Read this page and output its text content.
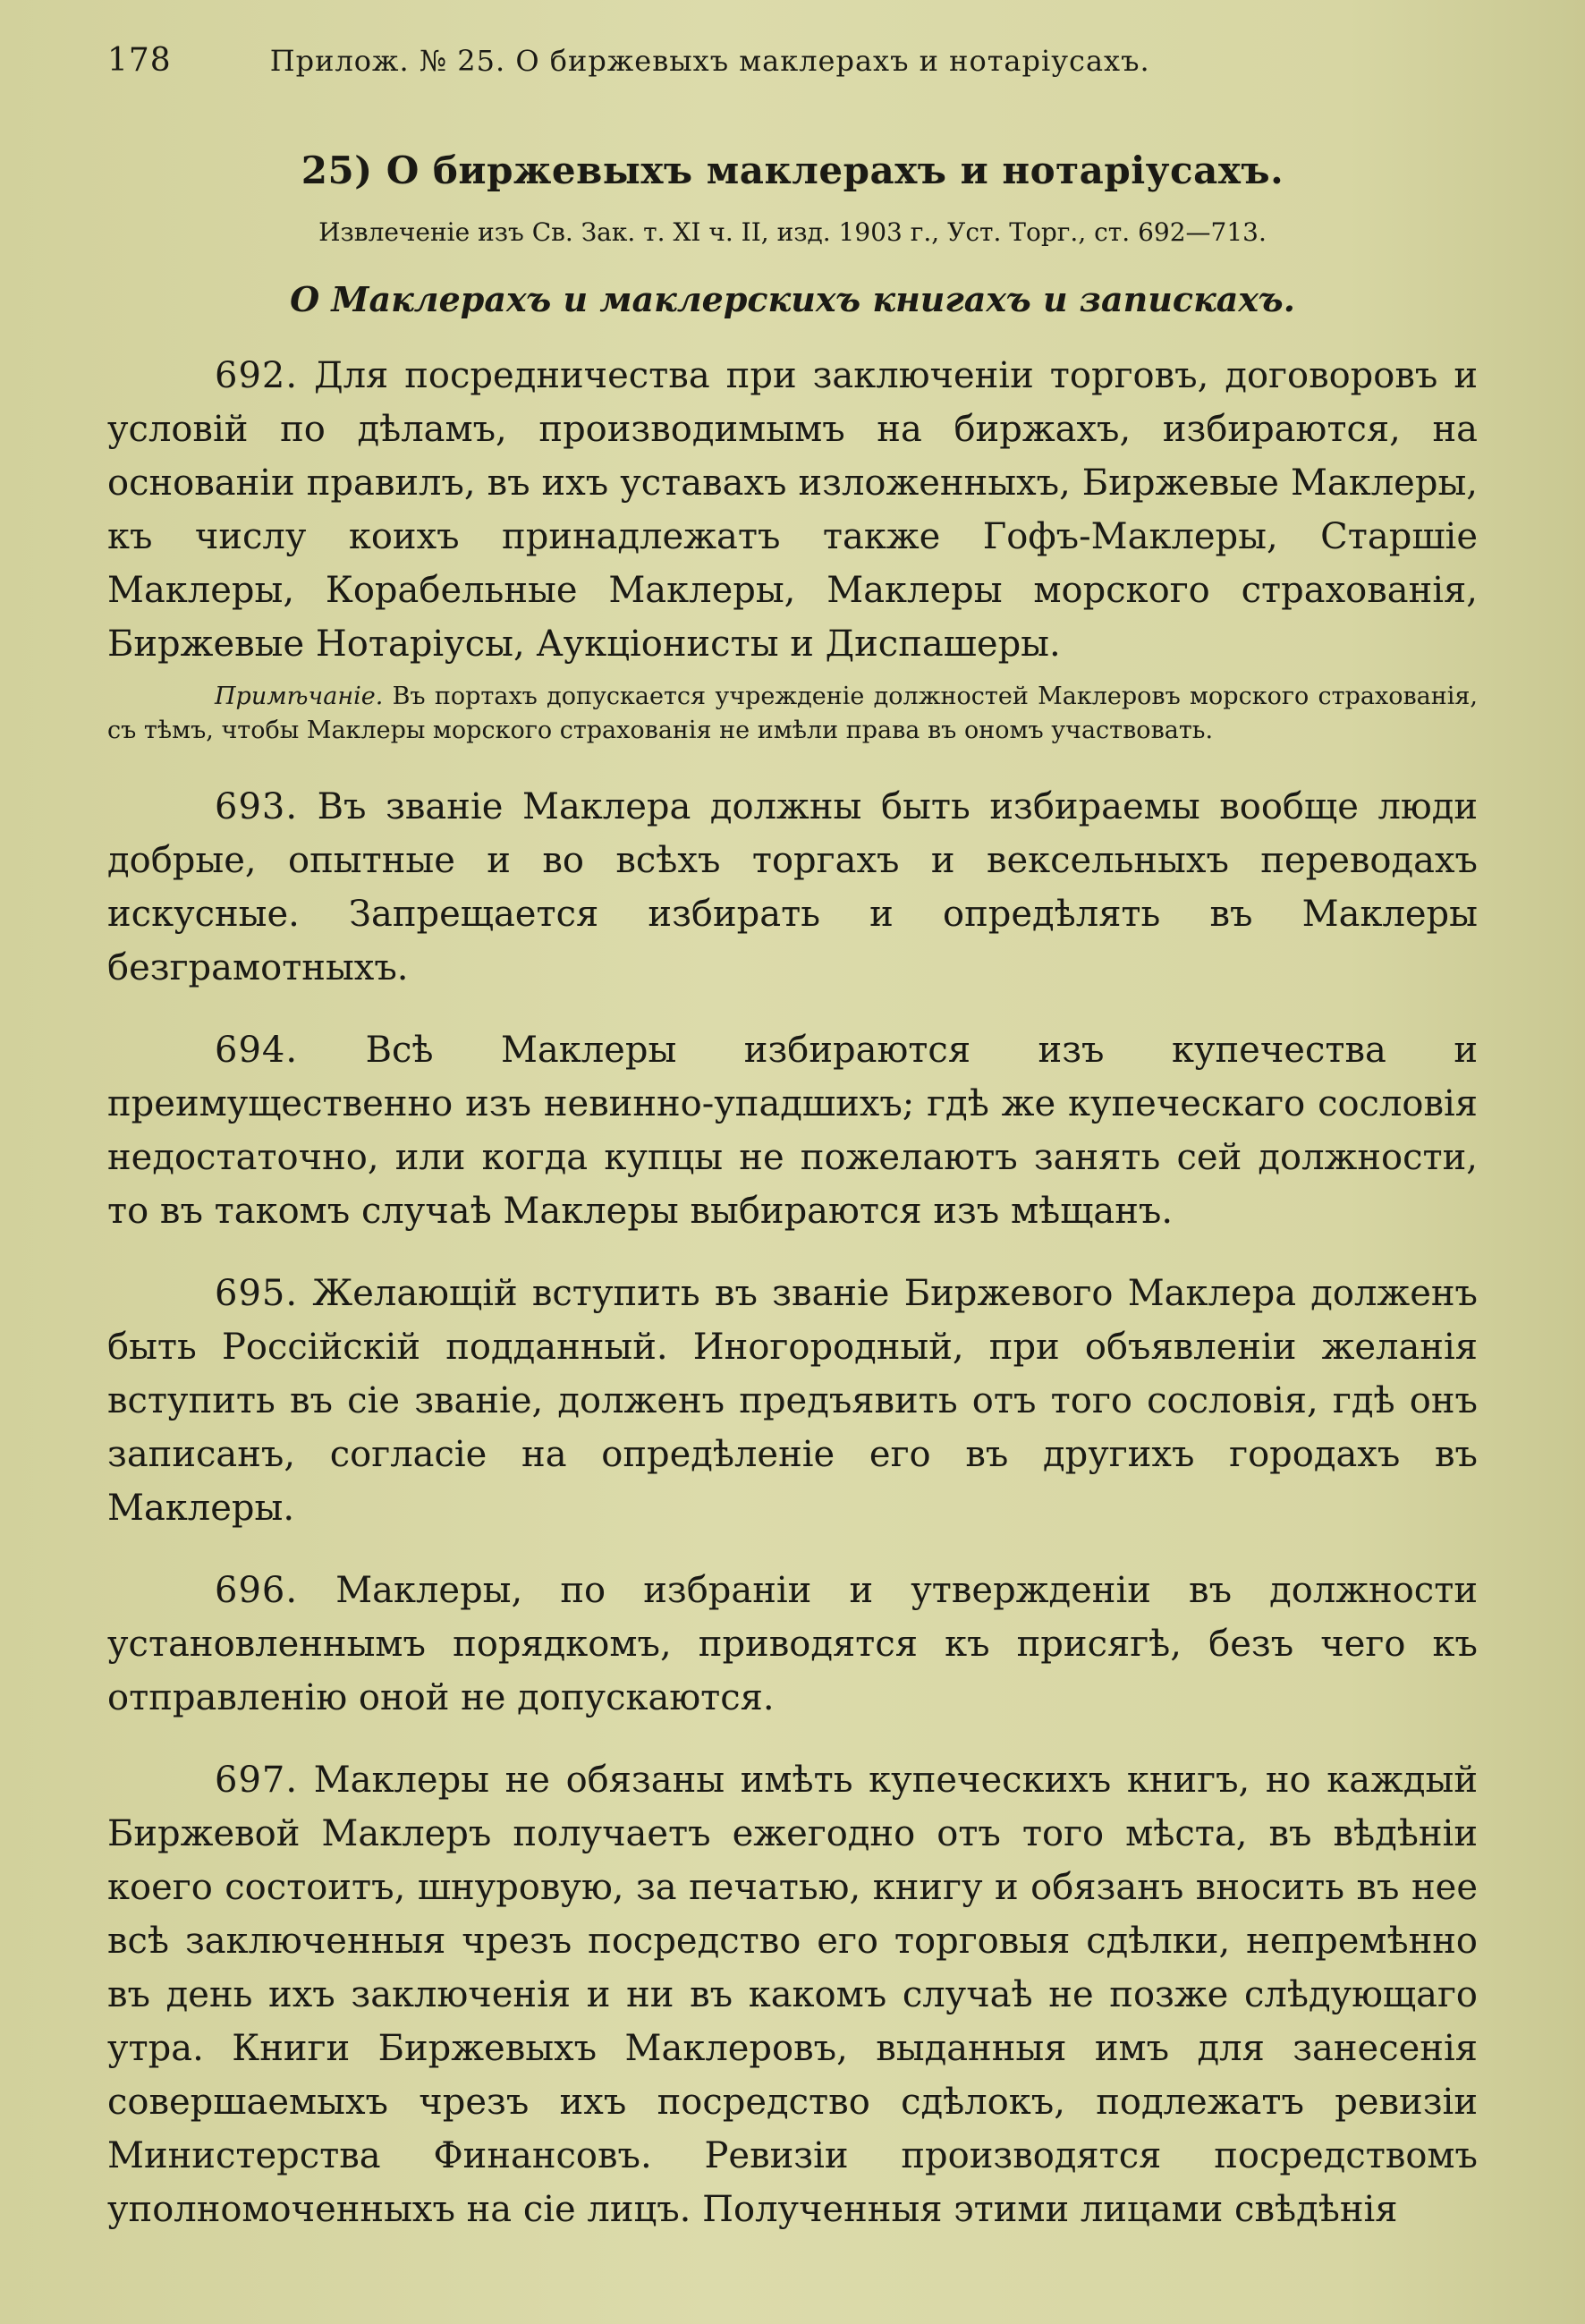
178	Прилож. № 25. О биржевыхъ маклерахъ и нотаріусахъ.
25) О биржевыхъ маклерахъ и нотаріусахъ.

Извлеченіе изъ Св. Зак. т. XI ч. II, изд. 1903 г., Уст. Торг., ст. 692—713.

О Маклерахъ и маклерскихъ книгахъ и запискахъ.

692. Для посредничества при заключеніи торговъ, договоровъ и условій по дѣламъ, производимымъ на биржахъ, избираются, на основаніи правилъ, въ ихъ уставахъ изложенныхъ, Биржевые Маклеры, къ числу коихъ принадлежатъ также Гофъ-Маклеры, Старшіе Маклеры, Корабельные Маклеры, Маклеры морского страхованія, Биржевые Нотаріусы, Аукціонисты и Диспашеры.

Примѣчаніе. Въ портахъ допускается учрежденіе должностей Маклеровъ морского страхованія, съ тѣмъ, чтобы Маклеры морского страхованія не имѣли права въ ономъ участвовать.

693. Въ званіе Маклера должны быть избираемы вообще люди добрые, опытные и во всѣхъ торгахъ и вексельныхъ переводахъ искусные. Запрещается избирать и опредѣлять въ Маклеры безграмотныхъ.

694. Всѣ Маклеры избираются изъ купечества и преимущественно изъ невинно-упадшихъ; гдѣ же купеческаго сословія недостаточно, или когда купцы не пожелаютъ занять сей должности, то въ такомъ случаѣ Маклеры выбираются изъ мѣщанъ.

695. Желающій вступить въ званіе Биржевого Маклера долженъ быть Россійскій подданный. Иногородный, при объявленіи желанія вступить въ сіе званіе, долженъ предъявить отъ того сословія, гдѣ онъ записанъ, согласіе на опредѣленіе его въ другихъ городахъ въ Маклеры.

696. Маклеры, по избраніи и утвержденіи въ должности установленнымъ порядкомъ, приводятся къ присягѣ, безъ чего къ отправленію оной не допускаются.

697. Маклеры не обязаны имѣть купеческихъ книгъ, но каждый Биржевой Маклеръ получаетъ ежегодно отъ того мѣста, въ вѣдѣніи коего состоитъ, шнуровую, за печатью, книгу и обязанъ вносить въ нее всѣ заключенныя чрезъ посредство его торговыя сдѣлки, непремѣнно въ день ихъ заключенія и ни въ какомъ случаѣ не позже слѣдующаго утра. Книги Биржевыхъ Маклеровъ, выданныя имъ для занесенія совершаемыхъ чрезъ ихъ посредство сдѣлокъ, подлежатъ ревизіи Министерства Финансовъ. Ревизіи производятся посредствомъ уполномоченныхъ на сіе лицъ. Полученныя этими лицами свѣдѣнія
